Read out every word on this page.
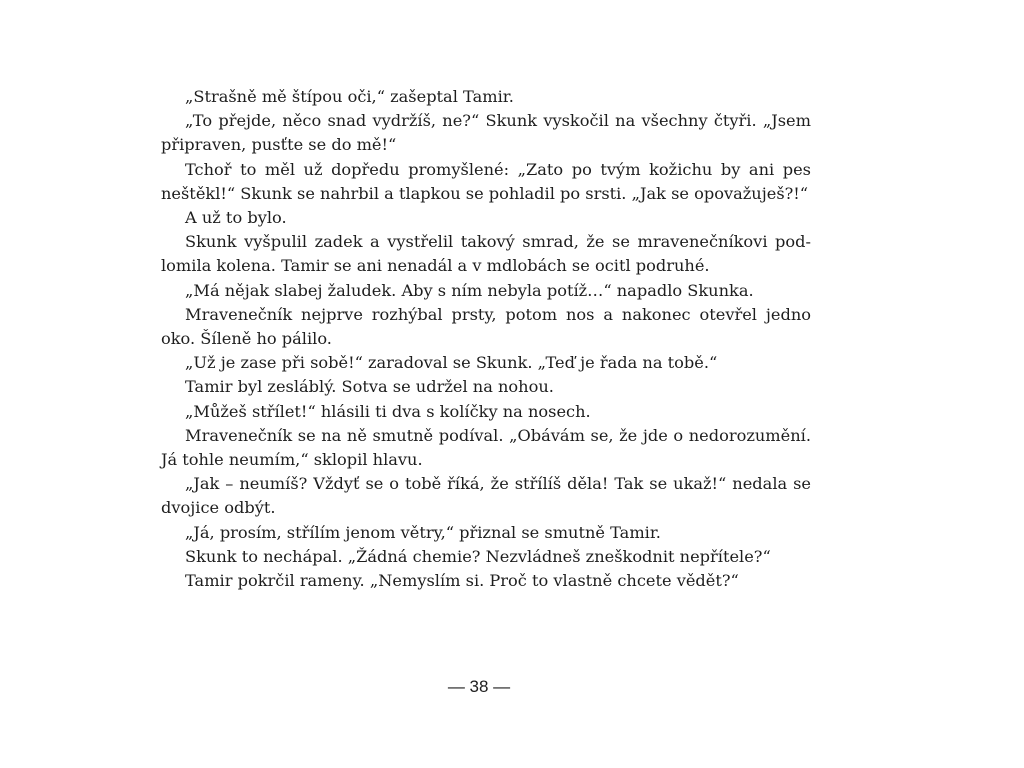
„Strašně mě štípou oči,“ zašeptal Tamir.

„To přejde, něco snad vydržíš, ne?“ Skunk vyskočil na všechny čtyři. „Jsem připraven, pusťte se do mě!“

Tchoř to měl už dopředu promyšlené: „Zato po tvým kožichu by ani pes neštěkl!“ Skunk se nahrbil a tlapkou se pohladil po srsti. „Jak se opovažuješ?!“

A už to bylo.

Skunk vyšpulil zadek a vystřelil takový smrad, že se mravenečníkovi podlomila kolena. Tamir se ani nenadál a v mdlobách se ocitl podruhé.

„Má nějak slabej žaludek. Aby s ním nebyla potíž…“ napadlo Skunka.

Mravenečník nejprve rozhýbal prsty, potom nos a nakonec otevřel jedno oko. Šíleně ho pálilo.

„Už je zase při sobě!“ zaradoval se Skunk. „Teď je řada na tobě.“

Tamir byl zesláblý. Sotva se udržel na nohou.

„Můžeš střílet!“ hlásili ti dva s kolíčky na nosech.

Mravenečník se na ně smutně podíval. „Obávám se, že jde o nedorozumění. Já tohle neumím,“ sklopil hlavu.

„Jak – neumíš? Vždyť se o tobě říká, že střílíš děla! Tak se ukaž!“ nedala se dvojice odbýt.

„Já, prosím, střílím jenom větry,“ přiznal se smutně Tamir.

Skunk to nechápal. „Žádná chemie? Nezvládneš zneškodnit nepřítele?“

Tamir pokrčil rameny. „Nemyslím si. Proč to vlastně chcete vědět?“

— 38 —
